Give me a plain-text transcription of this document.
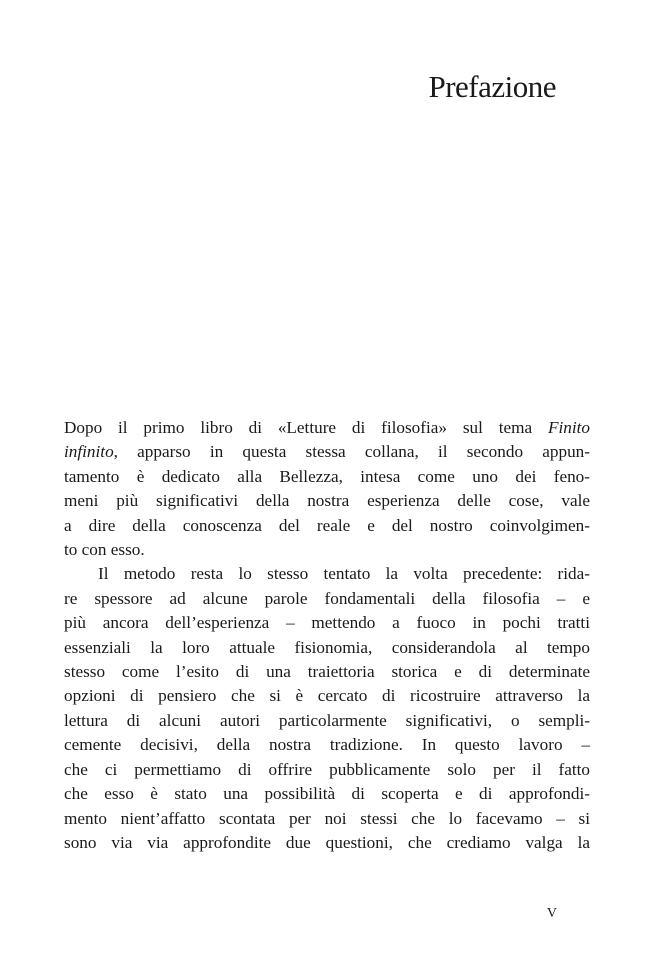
Prefazione
Dopo il primo libro di «Letture di filosofia» sul tema Finito
infinito, apparso in questa stessa collana, il secondo appun-
tamento è dedicato alla Bellezza, intesa come uno dei feno-
meni più significativi della nostra esperienza delle cose, vale
a dire della conoscenza del reale e del nostro coinvolgimen-
to con esso.
Il metodo resta lo stesso tentato la volta precedente: rida-
re spessore ad alcune parole fondamentali della filosofia – e
più ancora dell’esperienza – mettendo a fuoco in pochi tratti
essenziali la loro attuale fisionomia, considerandola al tempo
stesso come l’esito di una traiettoria storica e di determinate
opzioni di pensiero che si è cercato di ricostruire attraverso la
lettura di alcuni autori particolarmente significativi, o sempli-
cemente decisivi, della nostra tradizione. In questo lavoro –
che ci permettiamo di offrire pubblicamente solo per il fatto
che esso è stato una possibilità di scoperta e di approfondi-
mento nient’affatto scontata per noi stessi che lo facevamo – si
sono via via approfondite due questioni, che crediamo valga la
V
